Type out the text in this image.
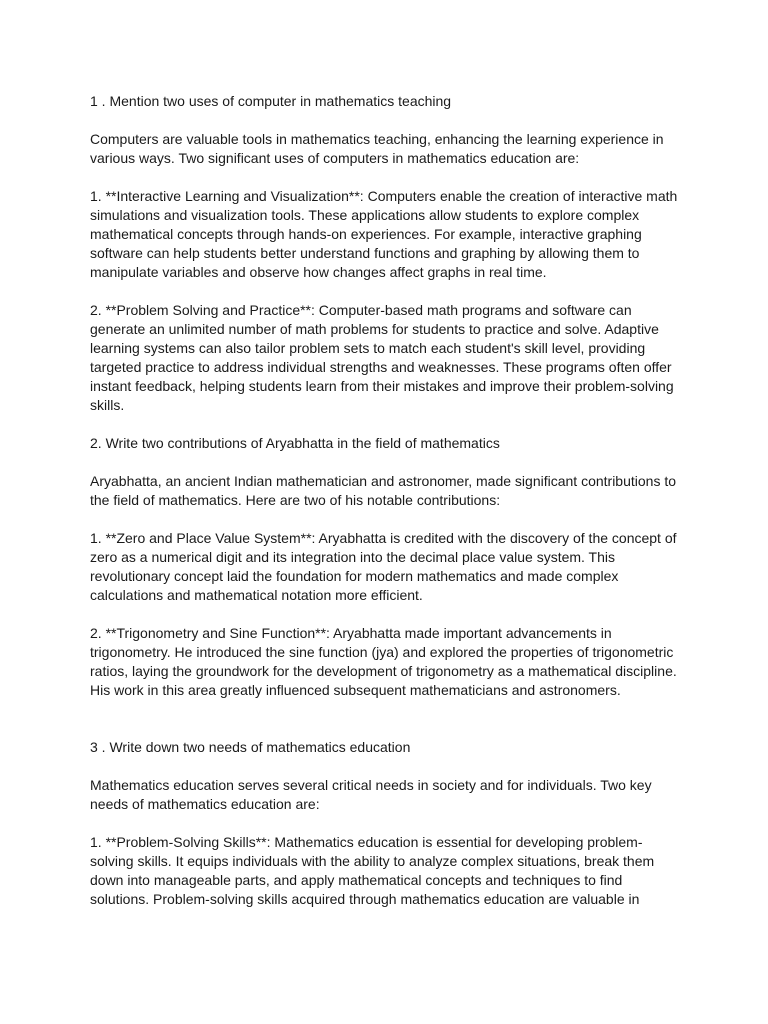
1 . Mention two uses of computer in mathematics teaching

Computers are valuable tools in mathematics teaching, enhancing the learning experience in various ways. Two significant uses of computers in mathematics education are:

1. **Interactive Learning and Visualization**: Computers enable the creation of interactive math simulations and visualization tools. These applications allow students to explore complex mathematical concepts through hands-on experiences. For example, interactive graphing software can help students better understand functions and graphing by allowing them to manipulate variables and observe how changes affect graphs in real time.

2. **Problem Solving and Practice**: Computer-based math programs and software can generate an unlimited number of math problems for students to practice and solve. Adaptive learning systems can also tailor problem sets to match each student's skill level, providing targeted practice to address individual strengths and weaknesses. These programs often offer instant feedback, helping students learn from their mistakes and improve their problem-solving skills.

2. Write two contributions of Aryabhatta in the field of mathematics

Aryabhatta, an ancient Indian mathematician and astronomer, made significant contributions to the field of mathematics. Here are two of his notable contributions:

1. **Zero and Place Value System**: Aryabhatta is credited with the discovery of the concept of zero as a numerical digit and its integration into the decimal place value system. This revolutionary concept laid the foundation for modern mathematics and made complex calculations and mathematical notation more efficient.

2. **Trigonometry and Sine Function**: Aryabhatta made important advancements in trigonometry. He introduced the sine function (jya) and explored the properties of trigonometric ratios, laying the groundwork for the development of trigonometry as a mathematical discipline. His work in this area greatly influenced subsequent mathematicians and astronomers.

3 . Write down two needs of mathematics education

Mathematics education serves several critical needs in society and for individuals. Two key needs of mathematics education are:

1. **Problem-Solving Skills**: Mathematics education is essential for developing problem-solving skills. It equips individuals with the ability to analyze complex situations, break them down into manageable parts, and apply mathematical concepts and techniques to find solutions. Problem-solving skills acquired through mathematics education are valuable in
